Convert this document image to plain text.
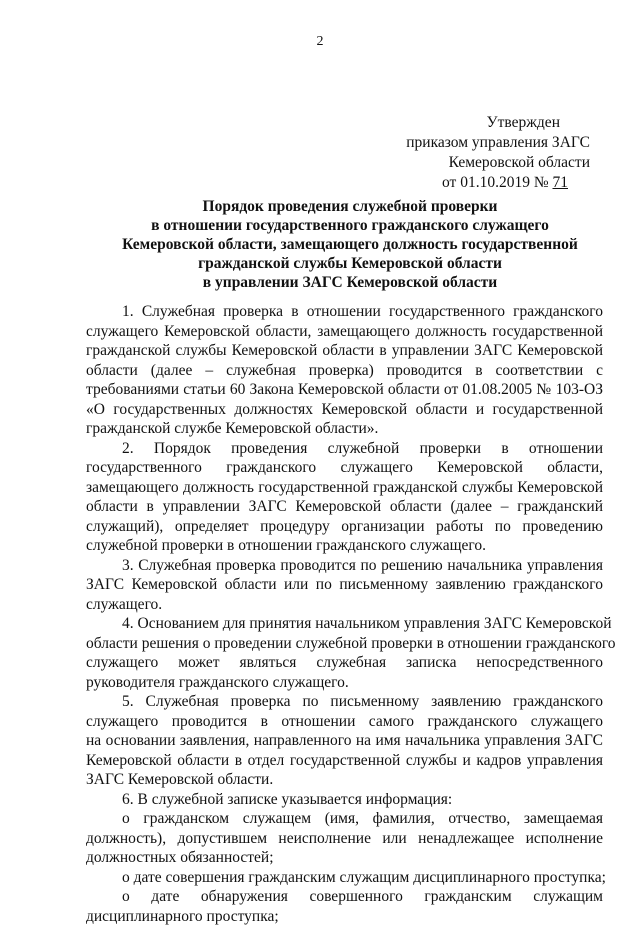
2
Утвержден
приказом управления ЗАГС
Кемеровской области
от 01.10.2019 № 71
Порядок проведения служебной проверки
в отношении государственного гражданского служащего
Кемеровской области, замещающего должность государственной
гражданской службы Кемеровской области
в управлении ЗАГС Кемеровской области
1. Служебная проверка в отношении государственного гражданского
служащего Кемеровской области, замещающего должность государственной
гражданской службы Кемеровской области в управлении ЗАГС Кемеровской
области (далее – служебная проверка) проводится в соответствии с
требованиями статьи 60 Закона Кемеровской области от 01.08.2005 № 103-ОЗ
«О государственных должностях Кемеровской области и государственной
гражданской службе Кемеровской области».
2. Порядок проведения служебной проверки в отношении
государственного гражданского служащего Кемеровской области,
замещающего должность государственной гражданской службы Кемеровской
области в управлении ЗАГС Кемеровской области (далее – гражданский
служащий), определяет процедуру организации работы по проведению
служебной проверки в отношении гражданского служащего.
3. Служебная проверка проводится по решению начальника управления
ЗАГС Кемеровской области или по письменному заявлению гражданского
служащего.
4. Основанием для принятия начальником управления ЗАГС Кемеровской
области решения о проведении служебной проверки в отношении гражданского
служащего может являться служебная записка непосредственного
руководителя гражданского служащего.
5. Служебная проверка по письменному заявлению гражданского
служащего проводится в отношении самого гражданского служащего
на основании заявления, направленного на имя начальника управления ЗАГС
Кемеровской области в отдел государственной службы и кадров управления
ЗАГС Кемеровской области.
6. В служебной записке указывается информация:
о гражданском служащем (имя, фамилия, отчество, замещаемая
должность), допустившем неисполнение или ненадлежащее исполнение
должностных обязанностей;
о дате совершения гражданским служащим дисциплинарного проступка;
о дате обнаружения совершенного гражданским служащим
дисциплинарного проступка;
